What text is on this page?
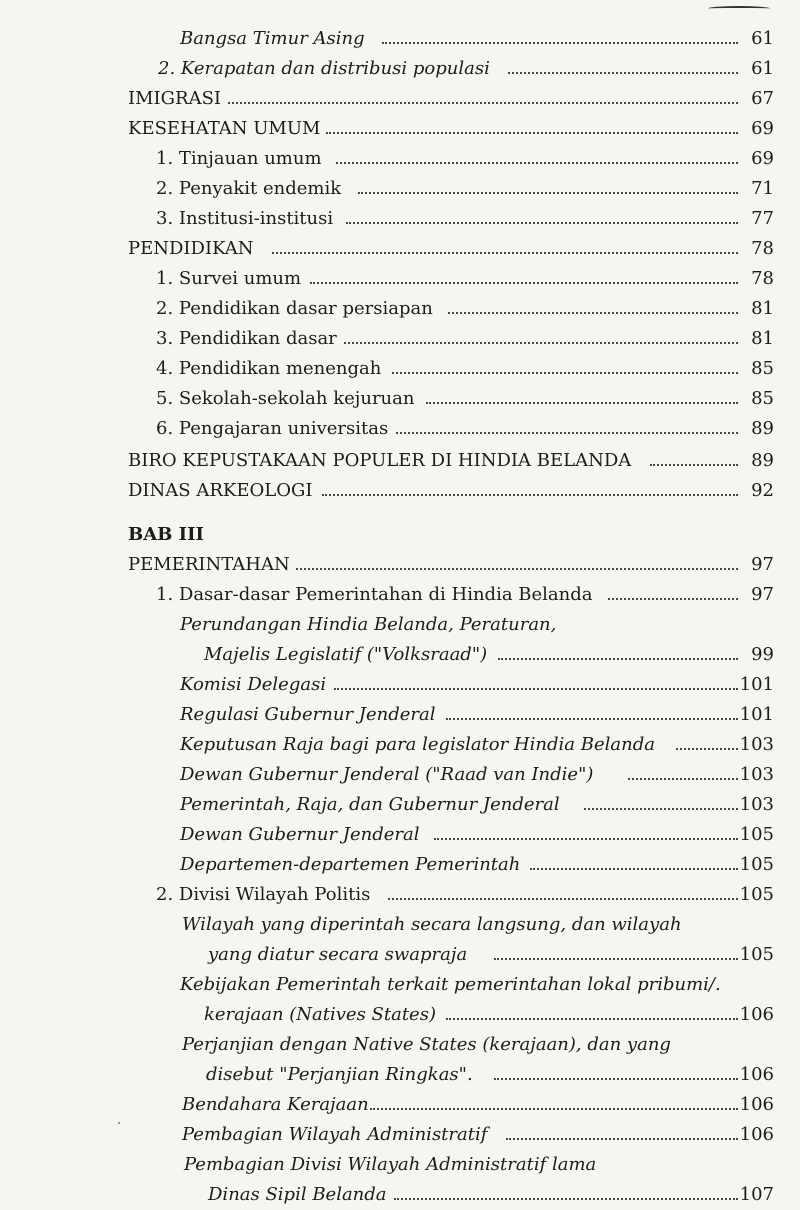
Bangsa Timur Asing	61
2. Kerapatan dan distribusi populasi	61
IMIGRASI	67
KESEHATAN UMUM	69
1. Tinjauan umum	69
2. Penyakit endemik	71
3. Institusi-institusi	77
PENDIDIKAN	78
1. Survei umum	78
2. Pendidikan dasar persiapan	81
3. Pendidikan dasar	81
4. Pendidikan menengah	85
5. Sekolah-sekolah kejuruan	85
6. Pengajaran universitas	89
BIRO KEPUSTAKAAN POPULER DI HINDIA BELANDA	89
DINAS ARKEOLOGI	92
BAB III
PEMERINTAHAN	97
1. Dasar-dasar Pemerintahan di Hindia Belanda	97
Perundangan Hindia Belanda, Peraturan,
Majelis Legislatif ("Volksraad")	99
Komisi Delegasi	101
Regulasi Gubernur Jenderal	101
Keputusan Raja bagi para legislator Hindia Belanda	103
Dewan Gubernur Jenderal ("Raad van Indie")	103
Pemerintah, Raja, dan Gubernur Jenderal	103
Dewan Gubernur Jenderal	105
Departemen-departemen Pemerintah	105
2. Divisi Wilayah Politis	105
Wilayah yang diperintah secara langsung, dan wilayah
yang diatur secara swapraja	105
Kebijakan Pemerintah terkait pemerintahan lokal pribumi/.
kerajaan (Natives States)	106
Perjanjian dengan Native States (kerajaan), dan yang
disebut "Perjanjian Ringkas".	106
Bendahara Kerajaan	106
Pembagian Wilayah Administratif	106
Pembagian Divisi Wilayah Administratif lama
Dinas Sipil Belanda	107
